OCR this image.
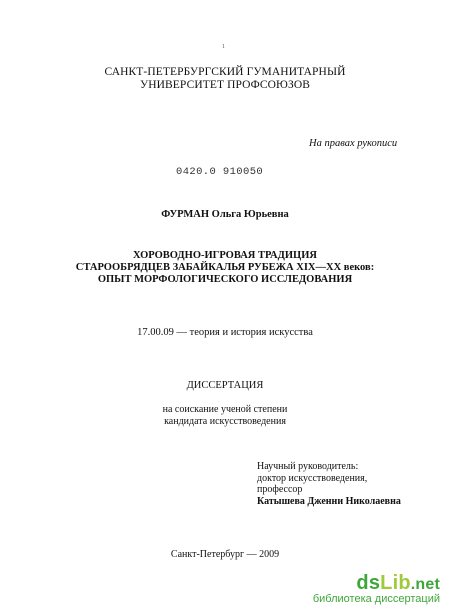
1
САНКТ-ПЕТЕРБУРГСКИЙ ГУМАНИТАРНЫЙ
УНИВЕРСИТЕТ ПРОФСОЮЗОВ
На правах рукописи
0420.0 910050
ФУРМАН Ольга Юрьевна
ХОРОВОДНО-ИГРОВАЯ ТРАДИЦИЯ
СТАРООБРЯДЦЕВ ЗАБАЙКАЛЬЯ РУБЕЖА XIX—XX веков:
ОПЫТ МОРФОЛОГИЧЕСКОГО ИССЛЕДОВАНИЯ
17.00.09 — теория и история искусства
ДИССЕРТАЦИЯ
на соискание ученой степени
кандидата искусствоведения
Научный руководитель:
доктор искусствоведения,
профессор
Катышева Дженни Николаевна
Санкт-Петербург — 2009
dsLib.net
библиотека диссертаций
